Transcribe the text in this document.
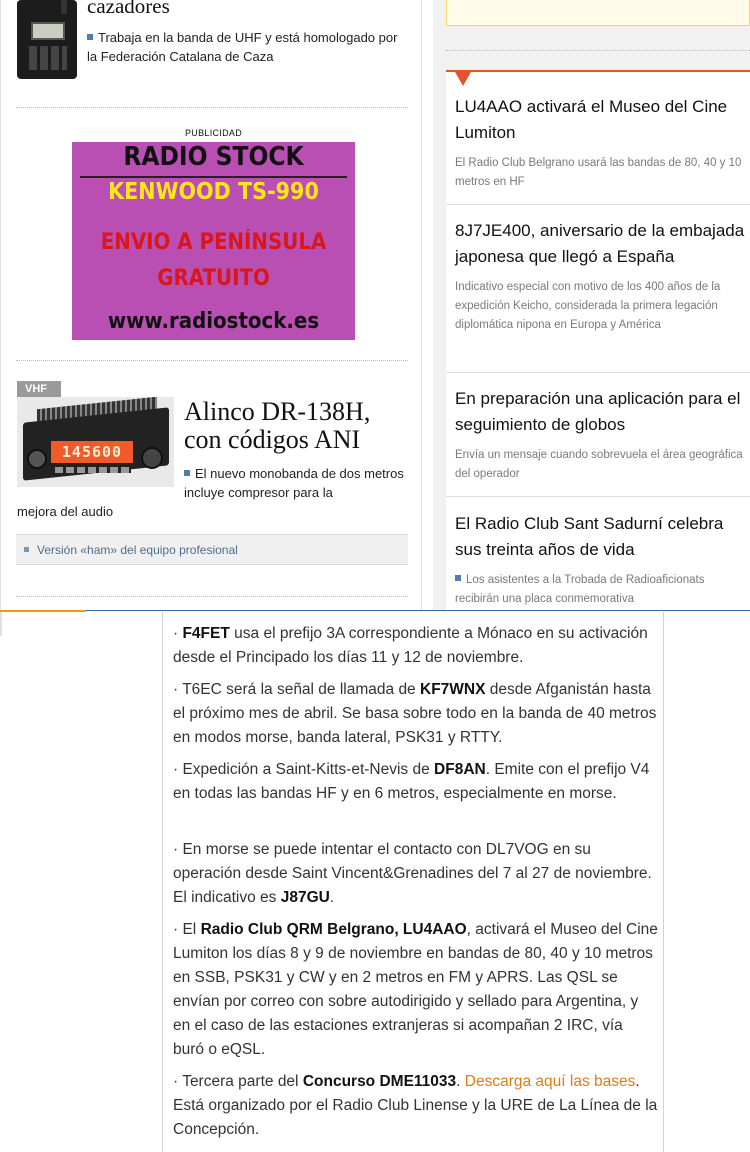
cazadores
Trabaja en la banda de UHF y está homologado por la Federación Catalana de Caza
PUBLICIDAD
RADIO STOCK
KENWOOD TS-990
ENVIO A PENÍNSULA
GRATUITO
www.radiostock.es
VHF
145600
Alinco DR-138H, con códigos ANI
El nuevo monobanda de dos metros incluye compresor para la
mejora del audio
Versión «ham» del equipo profesional
LU4AAO activará el Museo del Cine Lumiton
El Radio Club Belgrano usará las bandas de 80, 40 y 10 metros en HF
8J7JE400, aniversario de la embajada japonesa que llegó a España
Indicativo especial con motivo de los 400 años de la expedición Keicho, considerada la primera legación diplomática nipona en Europa y América
En preparación una aplicación para el seguimiento de globos
Envía un mensaje cuando sobrevuela el área geográfica del operador
El Radio Club Sant Sadurní celebra sus treinta años de vida
Los asistentes a la Trobada de Radioaficionats recibirán una placa conmemorativa
· F4FET usa el prefijo 3A correspondiente a Mónaco en su activación desde el Principado los días 11 y 12 de noviembre.
· T6EC será la señal de llamada de KF7WNX desde Afganistán hasta el próximo mes de abril. Se basa sobre todo en la banda de 40 metros en modos morse, banda lateral, PSK31 y RTTY.
· Expedición a Saint-Kitts-et-Nevis de DF8AN. Emite con el prefijo V4 en todas las bandas HF y en 6 metros, especialmente en morse.
· En morse se puede intentar el contacto con DL7VOG en su operación desde Saint Vincent&Grenadines del 7 al 27 de noviembre. El indicativo es J87GU.
· El Radio Club QRM Belgrano, LU4AAO, activará el Museo del Cine Lumiton los días 8 y 9 de noviembre en bandas de 80, 40 y 10 metros en SSB, PSK31 y CW y en 2 metros en FM y APRS. Las QSL se envían por correo con sobre autodirigido y sellado para Argentina, y en el caso de las estaciones extranjeras si acompañan 2 IRC, vía buró o eQSL.
· Tercera parte del Concurso DME11033. Descarga aquí las bases. Está organizado por el Radio Club Linense y la URE de La Línea de la Concepción.
